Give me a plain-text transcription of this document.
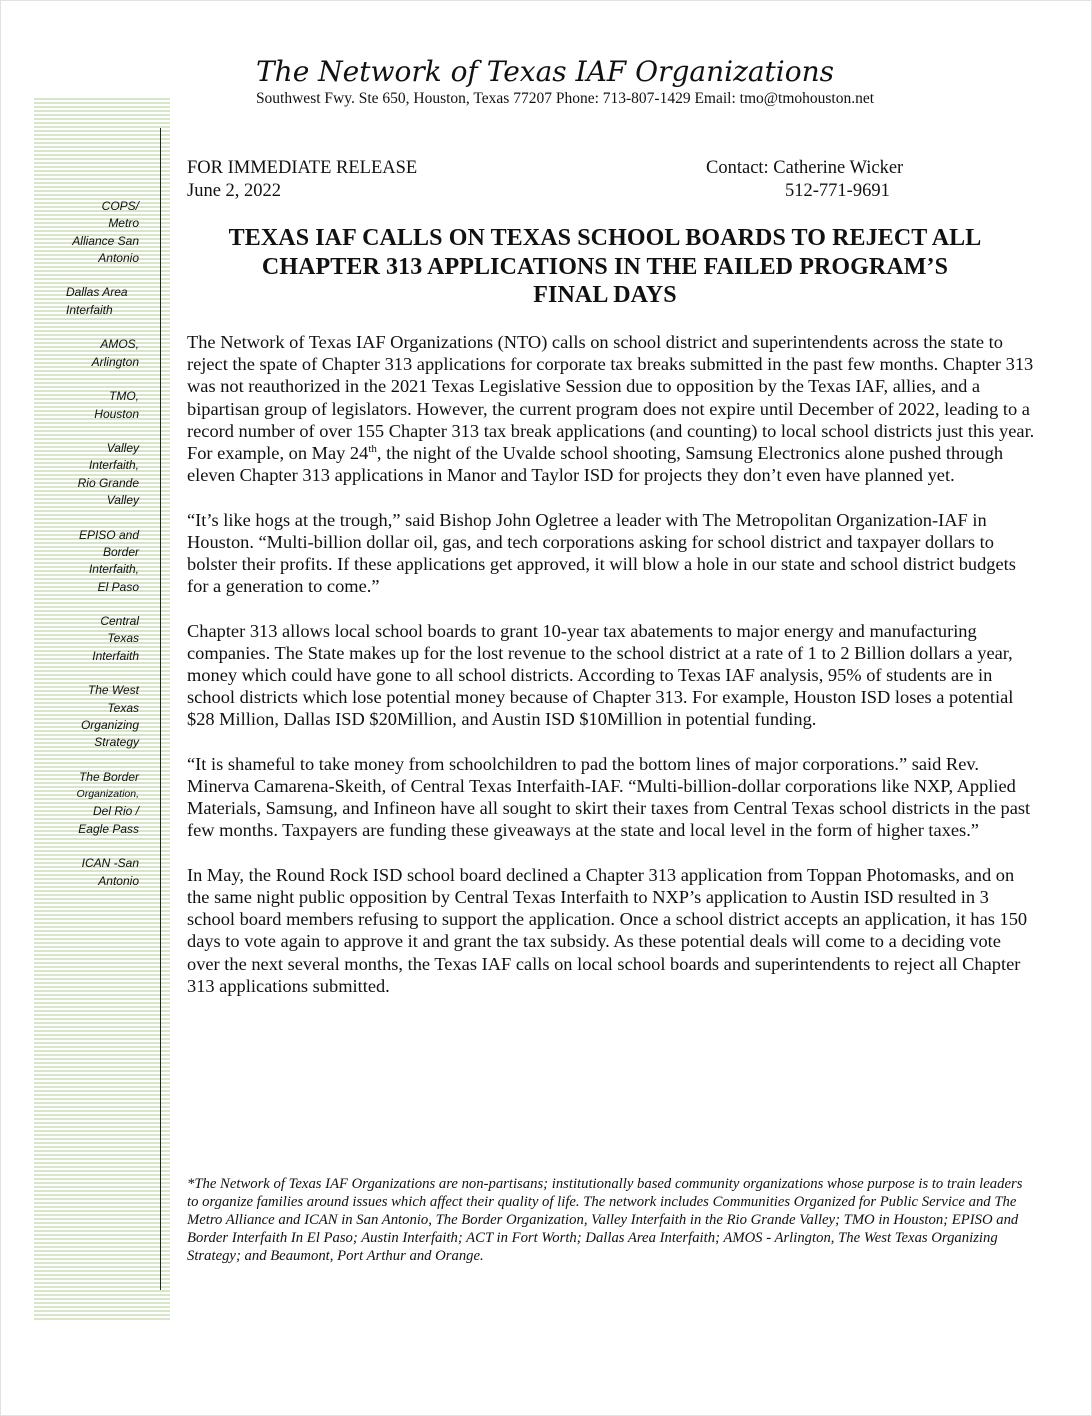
The Network of Texas IAF Organizations
Southwest Fwy. Ste 650, Houston, Texas 77207 Phone: 713-807-1429 Email: tmo@tmohouston.net
COPS/
Metro
Alliance San
Antonio
Dallas Area
Interfaith
AMOS,
Arlington
TMO,
Houston
Valley
Interfaith,
Rio Grande
Valley
EPISO and
Border
Interfaith,
El Paso
Central
Texas
Interfaith
The West
Texas
Organizing
Strategy
The Border
Organization,
Del Rio /
Eagle Pass
ICAN -San
Antonio
FOR IMMEDIATE RELEASE
June 2, 2022
Contact: Catherine Wicker
512-771-9691
TEXAS IAF CALLS ON TEXAS SCHOOL BOARDS TO REJECT ALL
CHAPTER 313 APPLICATIONS IN THE FAILED PROGRAM’S
FINAL DAYS

The Network of Texas IAF Organizations (NTO) calls on school district and superintendents across the state to reject the spate of Chapter 313 applications for corporate tax breaks submitted in the past few months. Chapter 313 was not reauthorized in the 2021 Texas Legislative Session due to opposition by the Texas IAF, allies, and a bipartisan group of legislators. However, the current program does not expire until December of 2022, leading to a record number of over 155 Chapter 313 tax break applications (and counting) to local school districts just this year. For example, on May 24th, the night of the Uvalde school shooting, Samsung Electronics alone pushed through eleven Chapter 313 applications in Manor and Taylor ISD for projects they don’t even have planned yet.

“It’s like hogs at the trough,” said Bishop John Ogletree a leader with The Metropolitan Organization-IAF in Houston. “Multi-billion dollar oil, gas, and tech corporations asking for school district and taxpayer dollars to bolster their profits. If these applications get approved, it will blow a hole in our state and school district budgets for a generation to come.”

Chapter 313 allows local school boards to grant 10-year tax abatements to major energy and manufacturing companies. The State makes up for the lost revenue to the school district at a rate of 1 to 2 Billion dollars a year, money which could have gone to all school districts. According to Texas IAF analysis, 95% of students are in school districts which lose potential money because of Chapter 313. For example, Houston ISD loses a potential $28 Million, Dallas ISD $20Million, and Austin ISD $10Million in potential funding.

“It is shameful to take money from schoolchildren to pad the bottom lines of major corporations.” said Rev. Minerva Camarena-Skeith, of Central Texas Interfaith-IAF. “Multi-billion-dollar corporations like NXP, Applied Materials, Samsung, and Infineon have all sought to skirt their taxes from Central Texas school districts in the past few months. Taxpayers are funding these giveaways at the state and local level in the form of higher taxes.”

In May, the Round Rock ISD school board declined a Chapter 313 application from Toppan Photomasks, and on the same night public opposition by Central Texas Interfaith to NXP’s application to Austin ISD resulted in 3 school board members refusing to support the application. Once a school district accepts an application, it has 150 days to vote again to approve it and grant the tax subsidy. As these potential deals will come to a deciding vote over the next several months, the Texas IAF calls on local school boards and superintendents to reject all Chapter 313 applications submitted.

*The Network of Texas IAF Organizations are non-partisans; institutionally based community organizations whose purpose is to train leaders to organize families around issues which affect their quality of life. The network includes Communities Organized for Public Service and The Metro Alliance and ICAN in San Antonio, The Border Organization, Valley Interfaith in the Rio Grande Valley; TMO in Houston; EPISO and Border Interfaith In El Paso; Austin Interfaith; ACT in Fort Worth; Dallas Area Interfaith; AMOS - Arlington, The West Texas Organizing Strategy; and Beaumont, Port Arthur and Orange.
